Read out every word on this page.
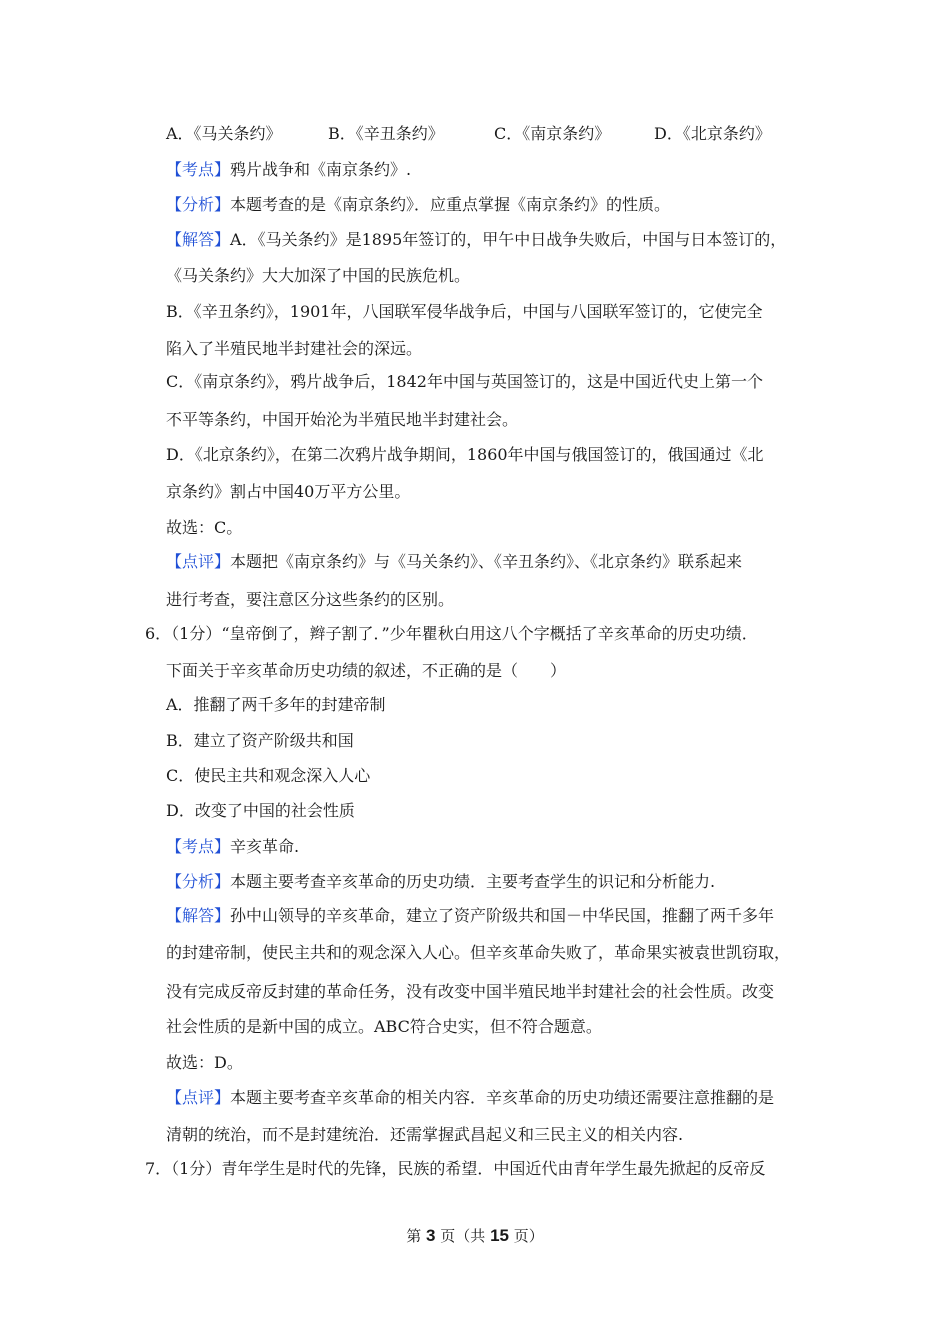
A．《马关条约》	B．《辛丑条约》	C．《南京条约》	D．《北京条约》
【考点】鸦片战争和《南京条约》.
【分析】本题考查的是《南京条约》．应重点掌握《南京条约》的性质。
【解答】A．《马关条约》是1895年签订的，甲午中日战争失败后，中国与日本签订的，
《马关条约》大大加深了中国的民族危机。
B．《辛丑条约》，1901年，八国联军侵华战争后，中国与八国联军签订的，它使完全
陷入了半殖民地半封建社会的深远。
C．《南京条约》，鸦片战争后，1842年中国与英国签订的，这是中国近代史上第一个
不平等条约，中国开始沦为半殖民地半封建社会。
D．《北京条约》，在第二次鸦片战争期间，1860年中国与俄国签订的，俄国通过《北
京条约》割占中国40万平方公里。
故选：C。
【点评】本题把《南京条约》与《马关条约》、《辛丑条约》、《北京条约》联系起来
进行考查，要注意区分这些条约的区别。
6．（1分）“皇帝倒了，辫子割了．”少年瞿秋白用这八个字概括了辛亥革命的历史功绩．
下面关于辛亥革命历史功绩的叙述，不正确的是（　　）
A．推翻了两千多年的封建帝制
B．建立了资产阶级共和国
C．使民主共和观念深入人心
D．改变了中国的社会性质
【考点】辛亥革命.
【分析】本题主要考查辛亥革命的历史功绩．主要考查学生的识记和分析能力.
【解答】孙中山领导的辛亥革命，建立了资产阶级共和国－中华民国，推翻了两千多年
的封建帝制，使民主共和的观念深入人心。但辛亥革命失败了，革命果实被袁世凯窃取，
没有完成反帝反封建的革命任务，没有改变中国半殖民地半封建社会的社会性质。改变
社会性质的是新中国的成立。ABC符合史实，但不符合题意。
故选：D。
【点评】本题主要考查辛亥革命的相关内容．辛亥革命的历史功绩还需要注意推翻的是
清朝的统治，而不是封建统治．还需掌握武昌起义和三民主义的相关内容.
7．（1分）青年学生是时代的先锋，民族的希望．中国近代由青年学生最先掀起的反帝反
第 3 页（共 15 页）
